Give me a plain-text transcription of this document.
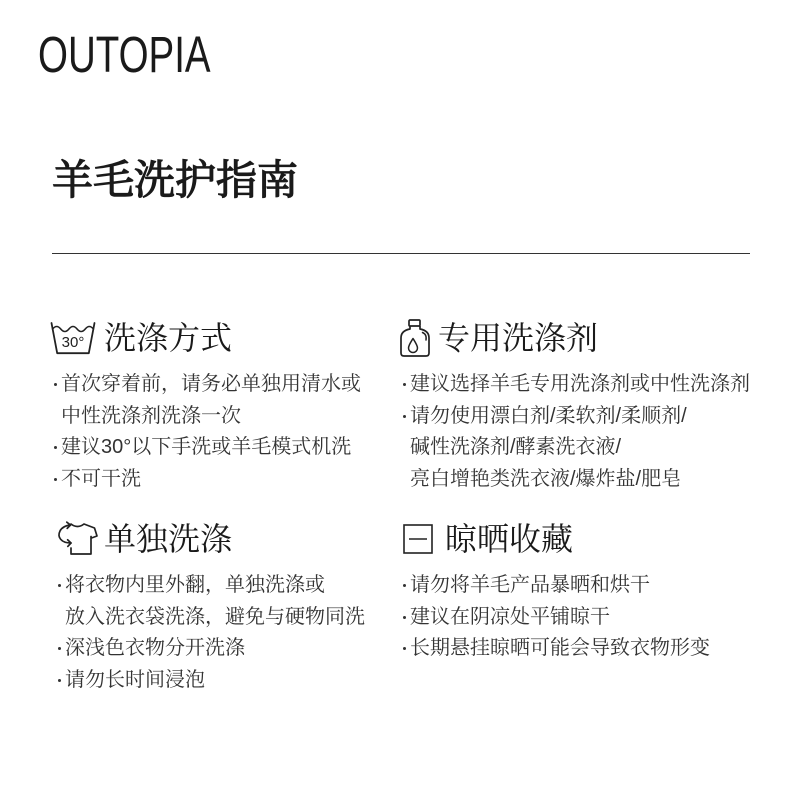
OUTOPIA
羊毛洗护指南
30° 洗涤方式
首次穿着前，请务必单独用清水或
中性洗涤剂洗涤一次
建议30°以下手洗或羊毛模式机洗
不可干洗
专用洗涤剂
建议选择羊毛专用洗涤剂或中性洗涤剂
请勿使用漂白剂/柔软剂/柔顺剂/
碱性洗涤剂/酵素洗衣液/
亮白增艳类洗衣液/爆炸盐/肥皂
单独洗涤
将衣物内里外翻，单独洗涤或
放入洗衣袋洗涤，避免与硬物同洗
深浅色衣物分开洗涤
请勿长时间浸泡
晾晒收藏
请勿将羊毛产品暴晒和烘干
建议在阴凉处平铺晾干
长期悬挂晾晒可能会导致衣物形变
